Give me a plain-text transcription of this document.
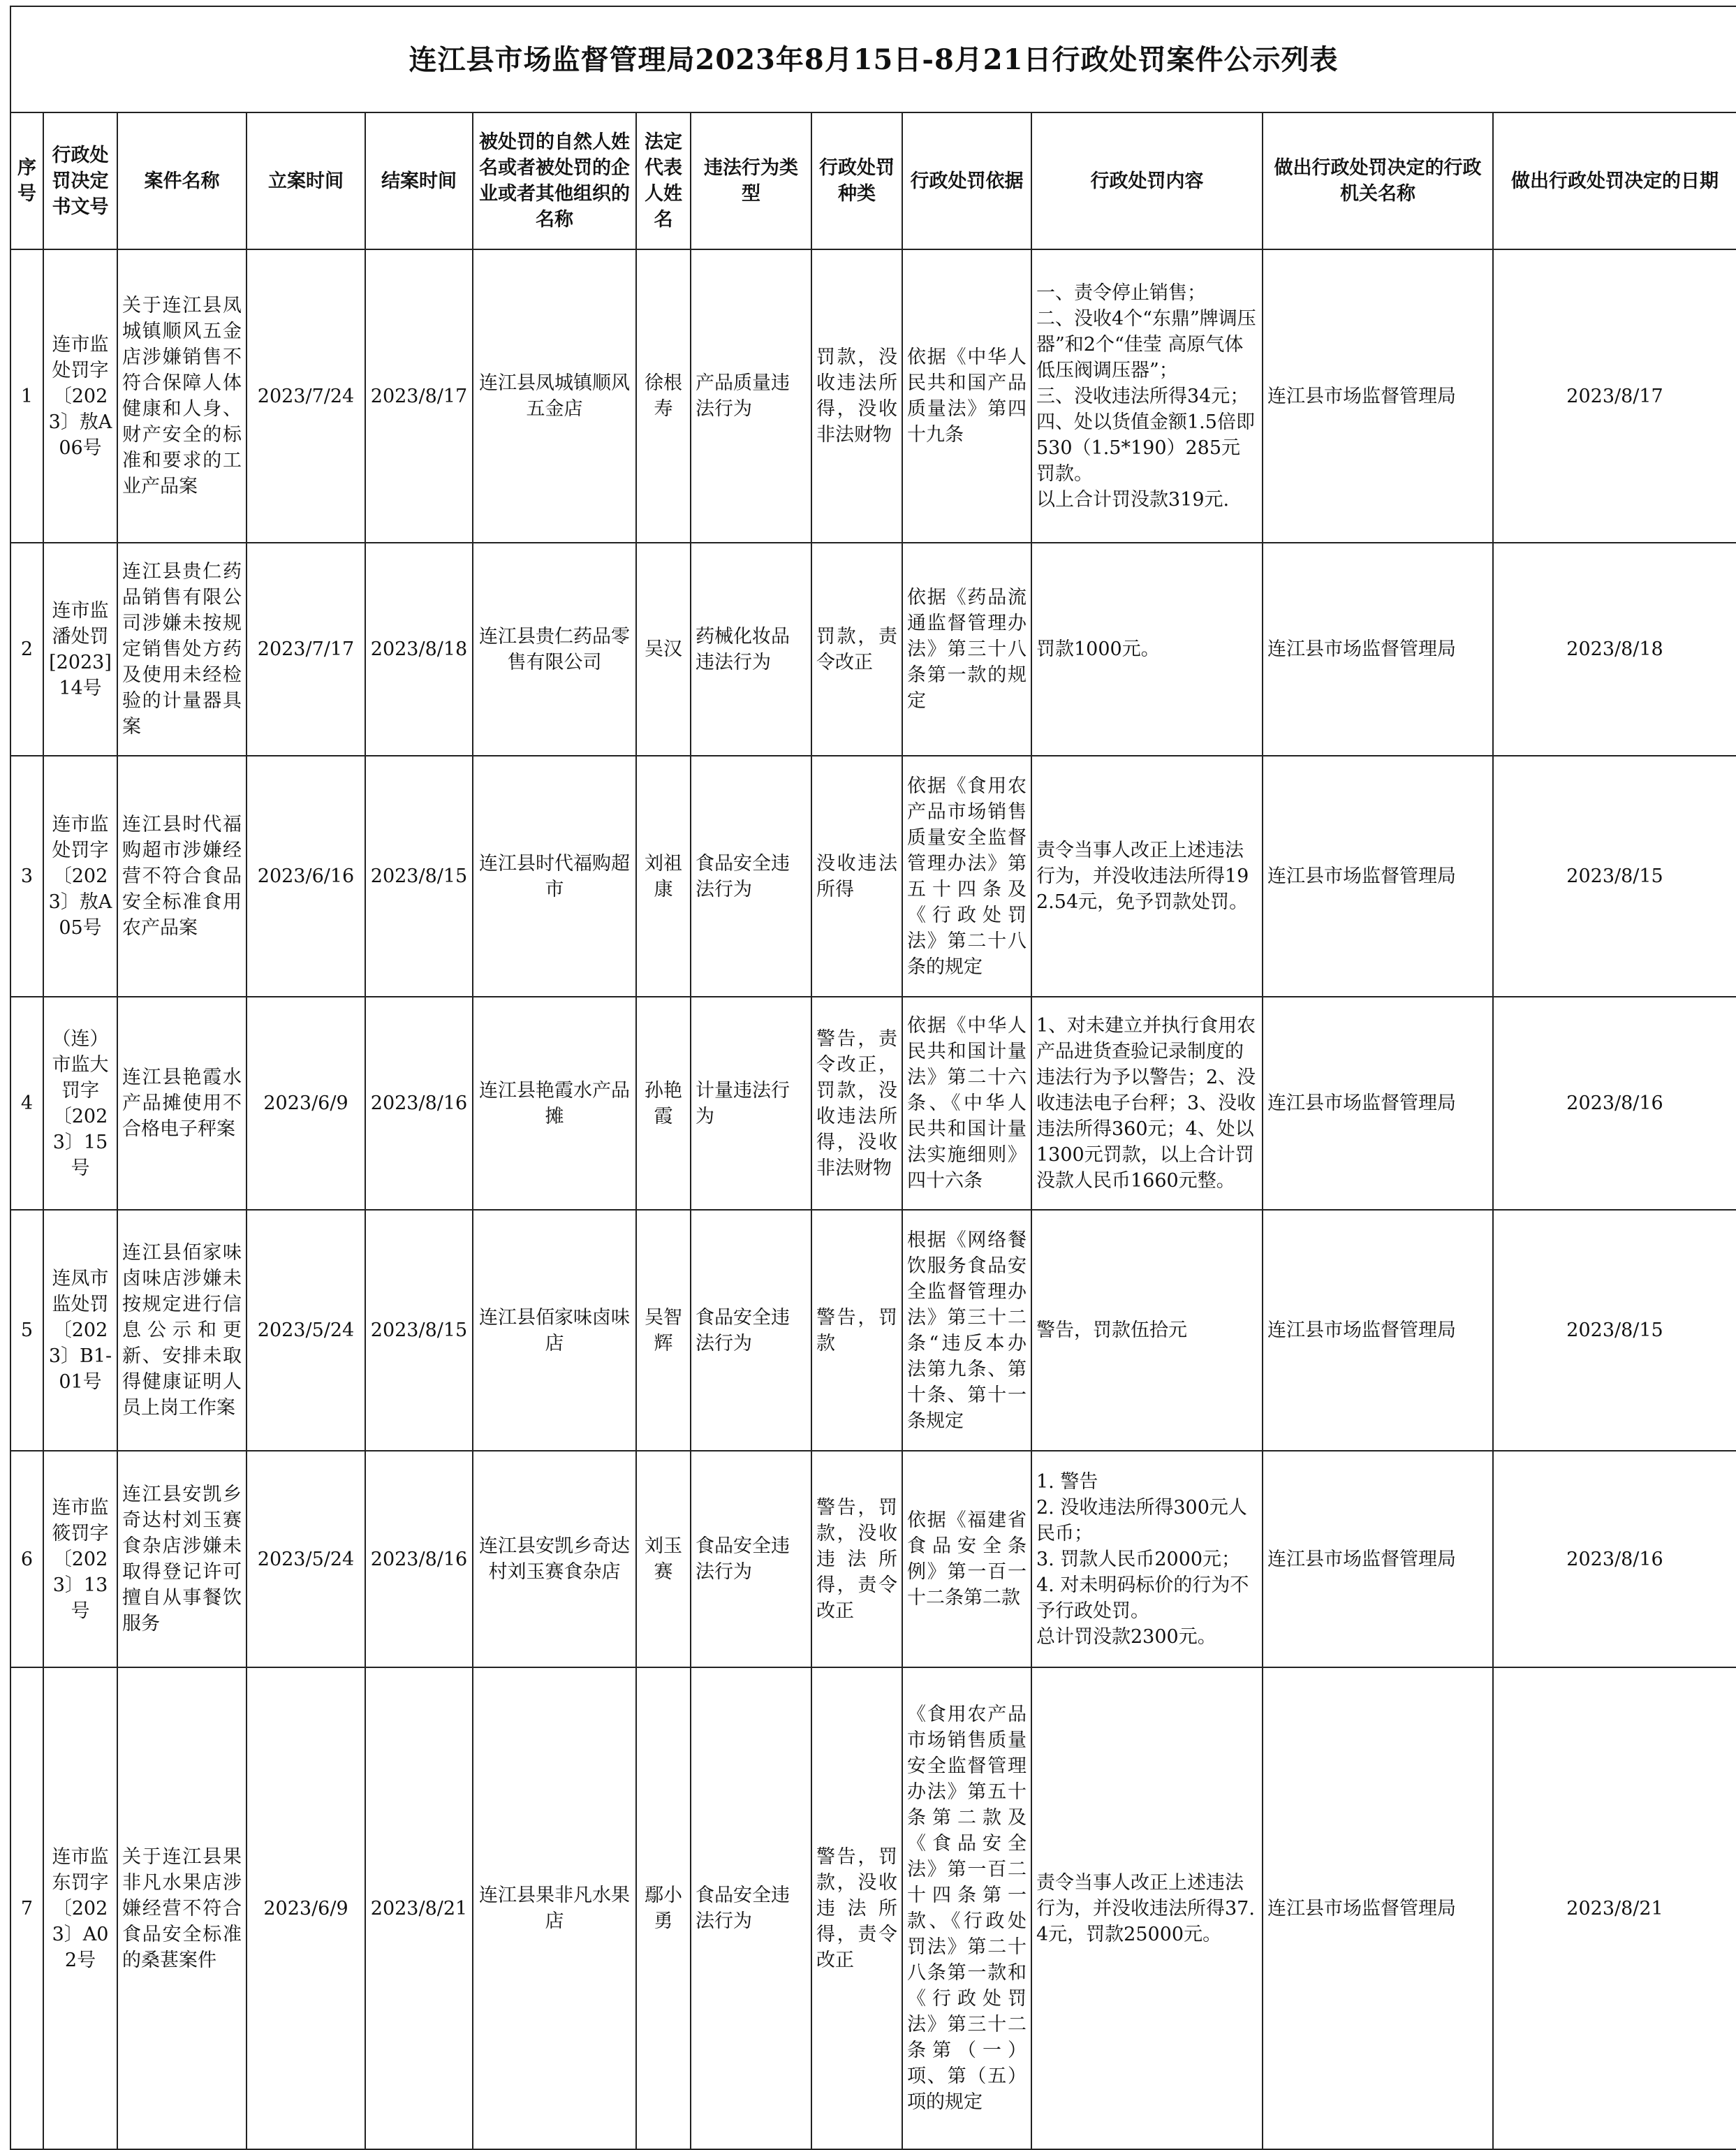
连江县市场监督管理局2023年8月15日-8月21日行政处罚案件公示列表												
序号	行政处罚决定书文号	案件名称	立案时间	结案时间	被处罚的自然人姓名或者被处罚的企业或者其他组织的名称	法定代表人姓名	违法行为类型	行政处罚种类	行政处罚依据	行政处罚内容	做出行政处罚决定的行政机关名称	做出行政处罚决定的日期
1	连市监处罚字〔2023〕敖A06号	关于连江县凤城镇顺风五金店涉嫌销售不符合保障人体健康和人身、财产安全的标准和要求的工业产品案	2023/7/24	2023/8/17	连江县凤城镇顺风五金店	徐根寿	产品质量违法行为	罚款，没收违法所得，没收非法财物	依据《中华人民共和国产品质量法》第四十九条	一、责令停止销售；
二、没收4个“东鼎”牌调压器”和2个“佳莹 高原气体低压阀调压器”；
三、没收违法所得34元；
四、处以货值金额1.5倍即530（1.5*190）285元罚款。
以上合计罚没款319元.	连江县市场监督管理局	2023/8/17
2	连市监潘处罚[2023]14号	连江县贵仁药品销售有限公司涉嫌未按规定销售处方药及使用未经检验的计量器具案	2023/7/17	2023/8/18	连江县贵仁药品零售有限公司	吴汉	药械化妆品违法行为	罚款，责令改正	依据《药品流通监督管理办法》第三十八条第一款的规定	罚款1000元。	连江县市场监督管理局	2023/8/18
3	连市监处罚字〔2023〕敖A05号	连江县时代福购超市涉嫌经营不符合食品安全标准食用农产品案	2023/6/16	2023/8/15	连江县时代福购超市	刘祖康	食品安全违法行为	没收违法所得	依据《食用农产品市场销售质量安全监督管理办法》第五十四条及《行政处罚法》第二十八条的规定	责令当事人改正上述违法行为，并没收违法所得192.54元，免予罚款处罚。	连江县市场监督管理局	2023/8/15
4	（连）市监大罚字〔2023〕15号	连江县艳霞水产品摊使用不合格电子秤案	2023/6/9	2023/8/16	连江县艳霞水产品摊	孙艳霞	计量违法行为	警告，责令改正，罚款，没收违法所得，没收非法财物	依据《中华人民共和国计量法》第二十六条、《中华人民共和国计量法实施细则》四十六条	1、对未建立并执行食用农产品进货查验记录制度的违法行为予以警告；2、没收违法电子台秤；3、没收违法所得360元；4、处以1300元罚款，以上合计罚没款人民币1660元整。	连江县市场监督管理局	2023/8/16
5	连凤市监处罚〔2023〕B1-01号	连江县佰家味卤味店涉嫌未按规定进行信息公示和更新、安排未取得健康证明人员上岗工作案	2023/5/24	2023/8/15	连江县佰家味卤味店	吴智辉	食品安全违法行为	警告，罚款	根据《网络餐饮服务食品安全监督管理办法》第三十二条“违反本办法第九条、第十条、第十一条规定	警告，罚款伍拾元	连江县市场监督管理局	2023/8/15
6	连市监筱罚字〔2023〕13号	连江县安凯乡奇达村刘玉赛食杂店涉嫌未取得登记许可擅自从事餐饮服务	2023/5/24	2023/8/16	连江县安凯乡奇达村刘玉赛食杂店	刘玉赛	食品安全违法行为	警告，罚款，没收违法所得，责令改正	依据《福建省食品安全条例》第一百一十二条第二款	1. 警告
2. 没收违法所得300元人民币；
3. 罚款人民币2000元；
4. 对未明码标价的行为不予行政处罚。
总计罚没款2300元。	连江县市场监督管理局	2023/8/16
7	连市监东罚字〔2023〕A02号	关于连江县果非凡水果店涉嫌经营不符合食品安全标准的桑葚案件	2023/6/9	2023/8/21	连江县果非凡水果店	鄢小勇	食品安全违法行为	警告，罚款，没收违法所得，责令改正	《食用农产品市场销售质量安全监督管理办法》第五十条第二款及《食品安全法》第一百二十四条第一款、《行政处罚法》第二十八条第一款和《行政处罚法》第三十二条第（一）项、第（五）项的规定	责令当事人改正上述违法行为，并没收违法所得37.4元，罚款25000元。	连江县市场监督管理局	2023/8/21
